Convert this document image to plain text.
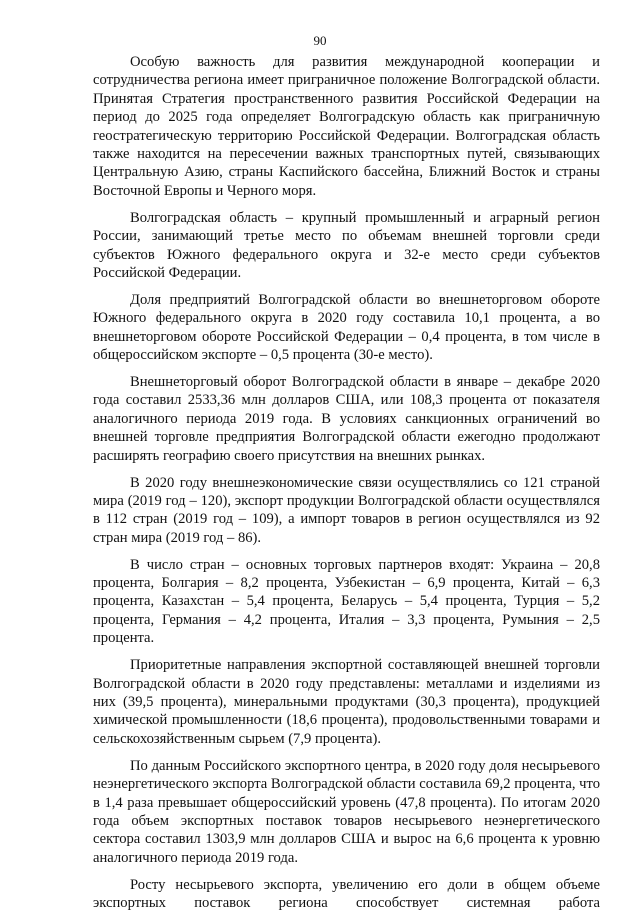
90

Особую важность для развития международной кооперации и сотрудничества региона имеет приграничное положение Волгоградской области. Принятая Стратегия пространственного развития Российской Федерации на период до 2025 года определяет Волгоградскую область как приграничную геостратегическую территорию Российской Федерации. Волгоградская область также находится на пересечении важных транспортных путей, связывающих Центральную Азию, страны Каспийского бассейна, Ближний Восток и страны Восточной Европы и Черного моря.

Волгоградская область – крупный промышленный и аграрный регион России, занимающий третье место по объемам внешней торговли среди субъектов Южного федерального округа и 32-е место среди субъектов Российской Федерации.

Доля предприятий Волгоградской области во внешнеторговом обороте Южного федерального округа в 2020 году составила 10,1 процента, а во внешнеторговом обороте Российской Федерации – 0,4 процента, в том числе в общероссийском экспорте – 0,5 процента (30-е место).

Внешнеторговый оборот Волгоградской области в январе – декабре 2020 года составил 2533,36 млн долларов США, или 108,3 процента от показателя аналогичного периода 2019 года. В условиях санкционных ограничений во внешней торговле предприятия Волгоградской области ежегодно продолжают расширять географию своего присутствия на внешних рынках.

В 2020 году внешнеэкономические связи осуществлялись со 121 страной мира (2019 год – 120), экспорт продукции Волгоградской области осуществлялся в 112 стран (2019 год – 109), а импорт товаров в регион осуществлялся из 92 стран мира (2019 год – 86).

В число стран – основных торговых партнеров входят: Украина – 20,8 процента, Болгария – 8,2 процента, Узбекистан – 6,9 процента, Китай – 6,3 процента, Казахстан – 5,4 процента, Беларусь – 5,4 процента, Турция – 5,2 процента, Германия – 4,2 процента, Италия – 3,3 процента, Румыния – 2,5 процента.

Приоритетные направления экспортной составляющей внешней торговли Волгоградской области в 2020 году представлены: металлами и изделиями из них (39,5 процента), минеральными продуктами (30,3 процента), продукцией химической промышленности (18,6 процента), продовольственными товарами и сельскохозяйственным сырьем (7,9 процента).

По данным Российского экспортного центра, в 2020 году доля несырьевого неэнергетического экспорта Волгоградской области составила 69,2 процента, что в 1,4 раза превышает общероссийский уровень (47,8 процента). По итогам 2020 года объем экспортных поставок товаров несырьевого неэнергетического сектора составил 1303,9 млн долларов США и вырос на 6,6 процента к уровню аналогичного периода 2019 года.

Росту несырьевого экспорта, увеличению его доли в общем объеме экспортных поставок региона способствует системная работа
